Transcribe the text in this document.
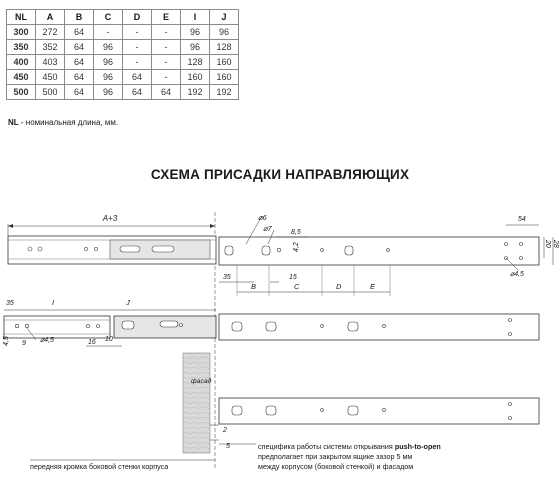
NL	A	B	C	D	E	I	J
300	272	64	-	-	-	96	96
350	352	64	96	-	-	96	128
400	403	64	96	-	-	128	160
450	450	64	96	64	-	160	160
500	500	64	96	64	64	192	192
NL - номинальная длина, мм.
СХЕМА ПРИСАДКИ НАПРАВЛЯЮЩИХ
A+3	⌀6
⌀7	8,5
4,2
54
20 28
⌀4,5
35	15
B	C	D	E
35	I	J
9 ⌀4,5
4,5	16 10
фасад
2
5	специфика работы системы открывания push-to-open
предполагает при закрытом ящике зазор 5 мм
между корпусом (боковой стенкой) и фасадом
передняя кромка боковой стенки корпуса
